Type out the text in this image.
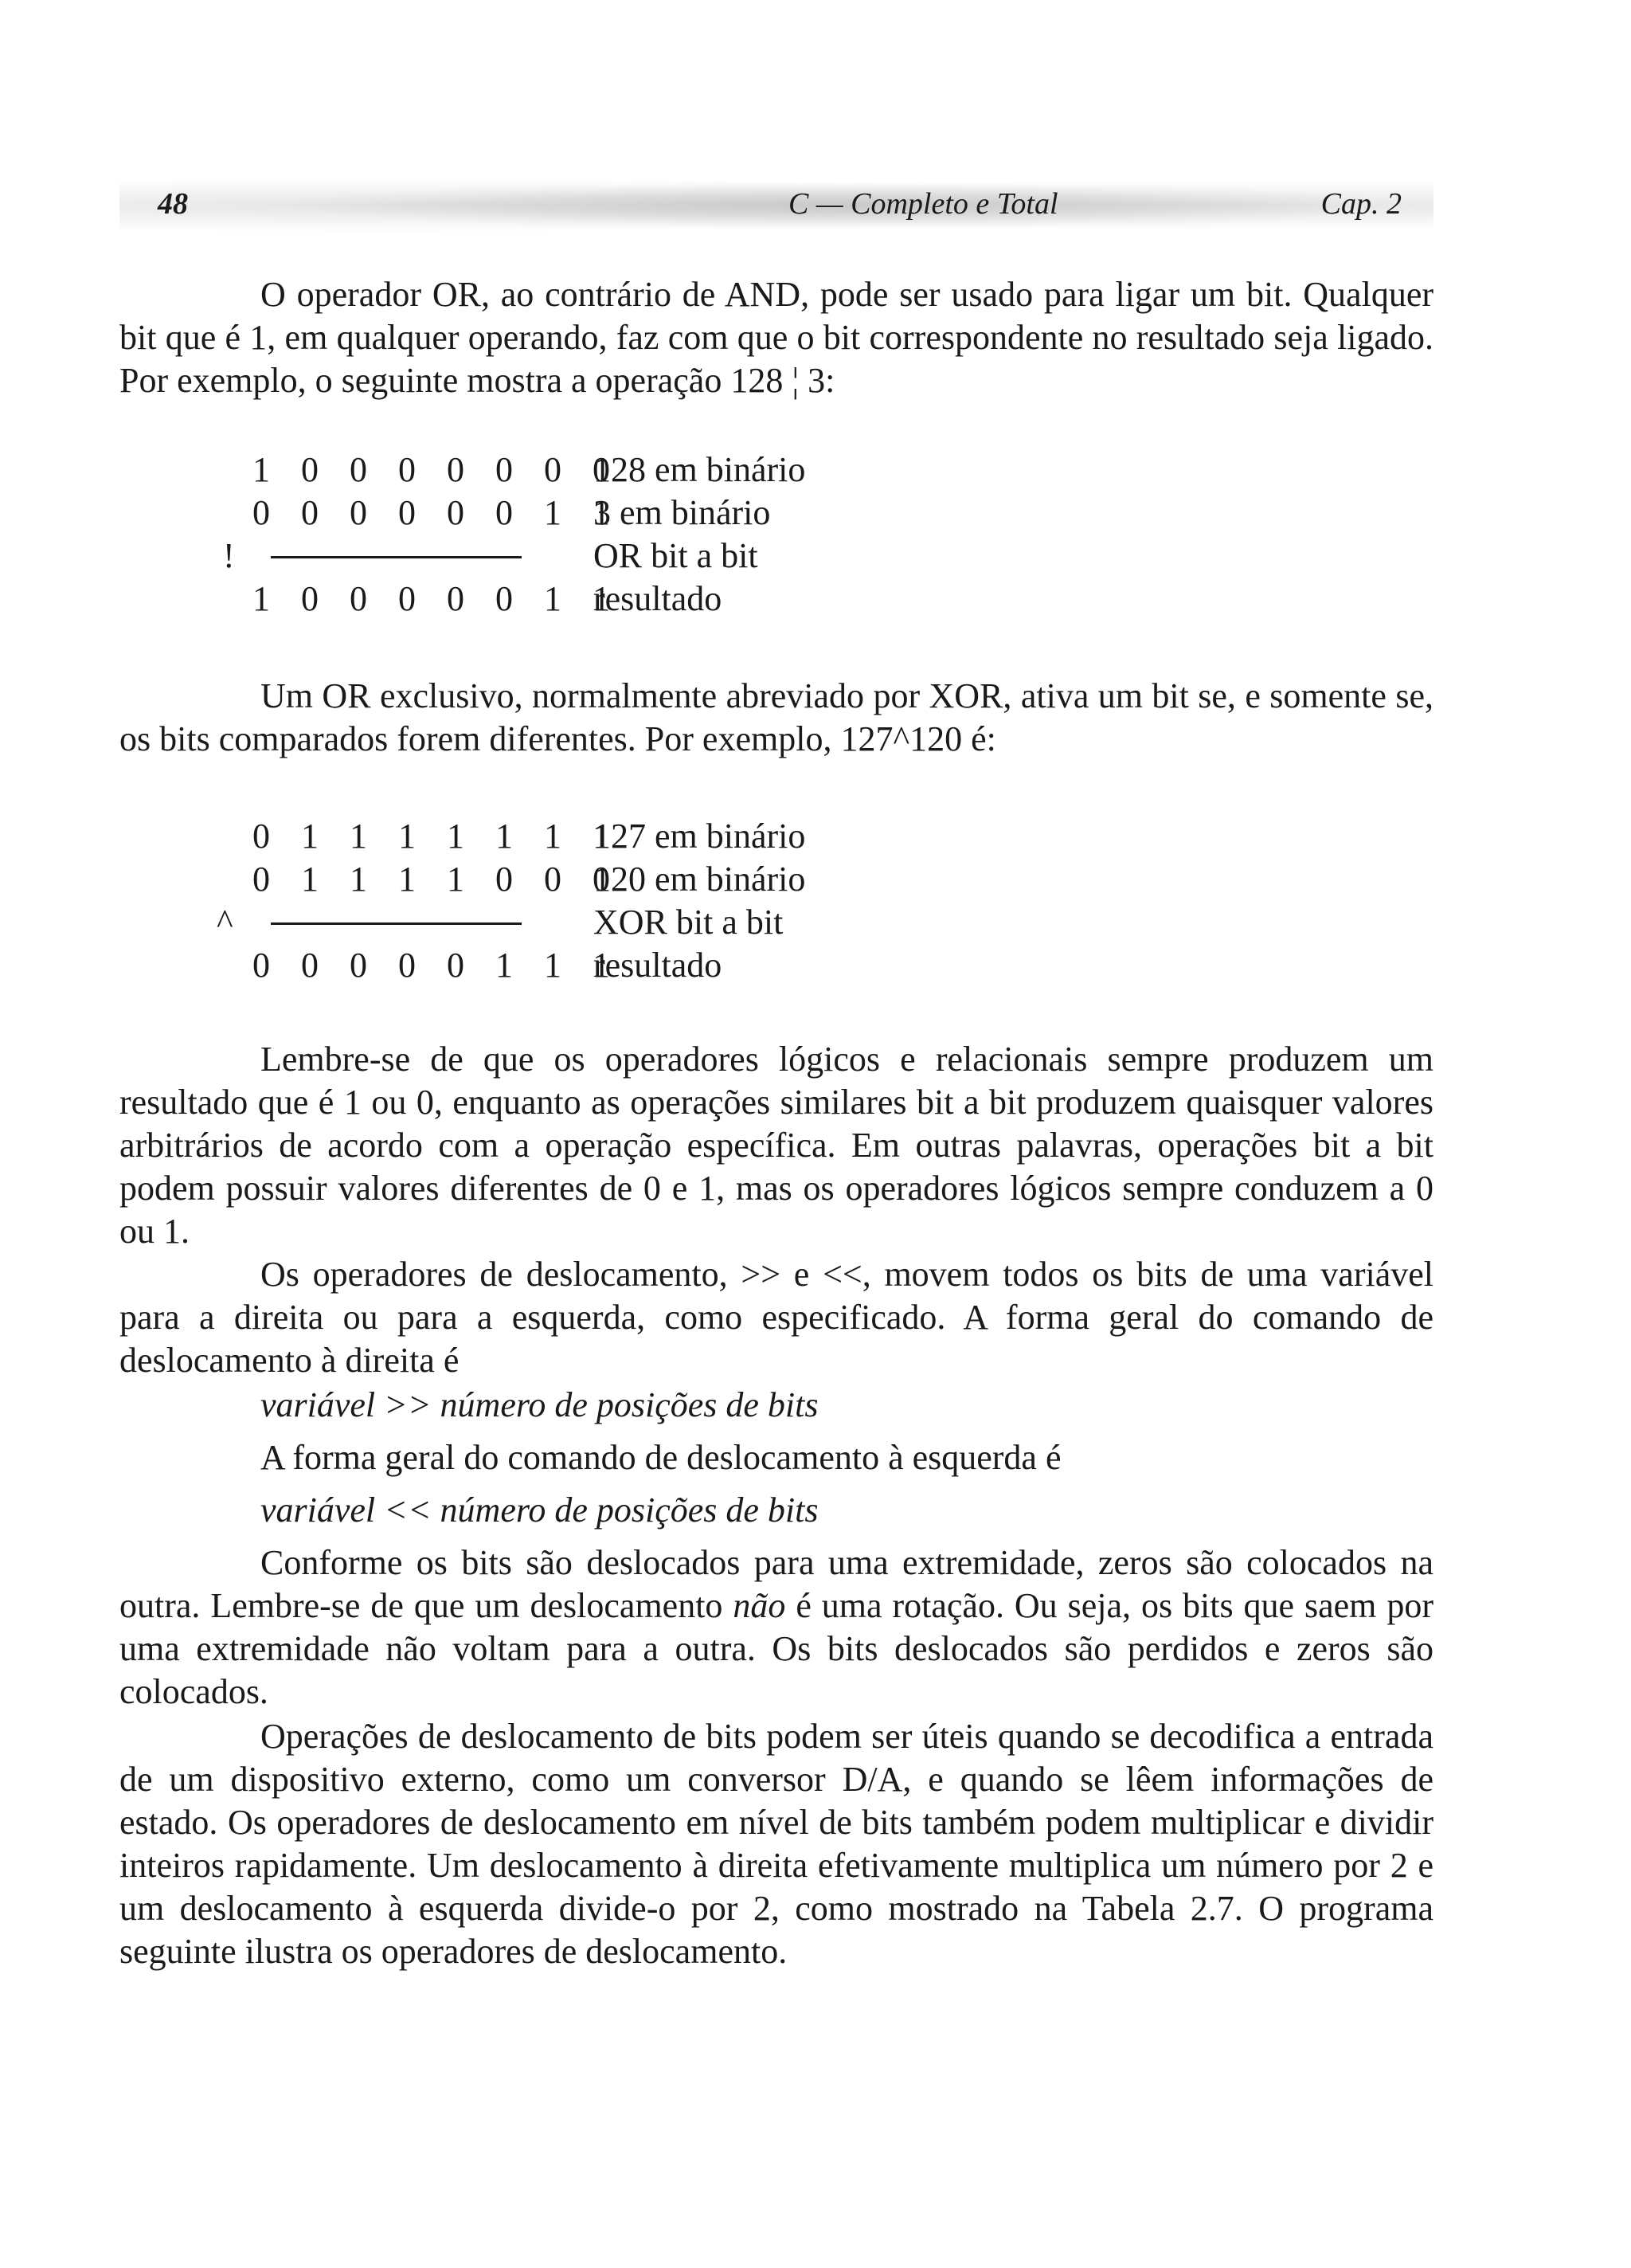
48	C — Completo e Total	Cap. 2

O operador OR, ao contrário de AND, pode ser usado para ligar um bit. Qualquer bit que é 1, em qualquer operando, faz com que o bit correspondente no resultado seja ligado. Por exemplo, o seguinte mostra a operação 128 ¦ 3:

1 0 0 0 0 0 0 0
128 em binário
0 0 0 0 0 0 1 1
3 em binário
OR bit a bit
!
1 0 0 0 0 0 1 1
resultado

Um OR exclusivo, normalmente abreviado por XOR, ativa um bit se, e somente se, os bits comparados forem diferentes. Por exemplo, 127^120 é:

0 1 1 1 1 1 1 1
127 em binário
0 1 1 1 1 0 0 0
120 em binário
XOR bit a bit
^
0 0 0 0 0 1 1 1
resultado

Lembre-se de que os operadores lógicos e relacionais sempre produzem um resultado que é 1 ou 0, enquanto as operações similares bit a bit produzem quaisquer valores arbitrários de acordo com a operação específica. Em outras palavras, operações bit a bit podem possuir valores diferentes de 0 e 1, mas os operadores lógicos sempre conduzem a 0 ou 1.

Os operadores de deslocamento, >> e <<, movem todos os bits de uma variável para a direita ou para a esquerda, como especificado. A forma geral do comando de deslocamento à direita é

variável >> número de posições de bits
A forma geral do comando de deslocamento à esquerda é
variável << número de posições de bits

Conforme os bits são deslocados para uma extremidade, zeros são colocados na outra. Lembre-se de que um deslocamento não é uma rotação. Ou seja, os bits que saem por uma extremidade não voltam para a outra. Os bits deslocados são perdidos e zeros são colocados.

Operações de deslocamento de bits podem ser úteis quando se decodifica a entrada de um dispositivo externo, como um conversor D/A, e quando se lêem informações de estado. Os operadores de deslocamento em nível de bits também podem multiplicar e dividir inteiros rapidamente. Um deslocamento à direita efetivamente multiplica um número por 2 e um deslocamento à esquerda divide-o por 2, como mostrado na Tabela 2.7. O programa seguinte ilustra os operadores de deslocamento.
